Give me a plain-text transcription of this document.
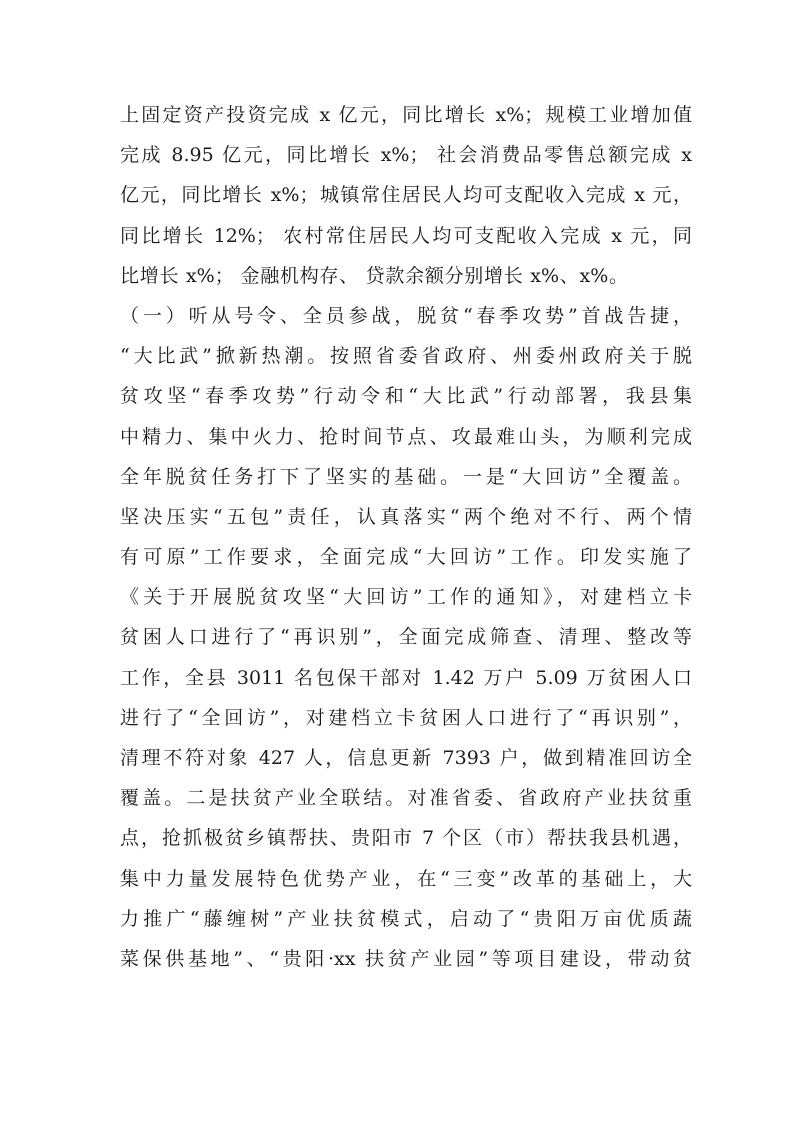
上固定资产投资完成 x 亿元，同比增长 x%；规模工业增加值
完成 8.95 亿元，同比增长 x%； 社会消费品零售总额完成 x
亿元，同比增长 x%；城镇常住居民人均可支配收入完成 x 元，
同比增长 12%； 农村常住居民人均可支配收入完成 x 元，同
比增长 x%； 金融机构存、 贷款余额分别增长 x%、x%。
（一）听从号令、全员参战，脱贫“春季攻势”首战告捷，
“大比武”掀新热潮。按照省委省政府、州委州政府关于脱
贫攻坚“春季攻势”行动令和“大比武”行动部署，我县集
中精力、集中火力、抢时间节点、攻最难山头，为顺利完成
全年脱贫任务打下了坚实的基础。一是“大回访”全覆盖。
坚决压实“五包”责任，认真落实“两个绝对不行、两个情
有可原”工作要求，全面完成“大回访”工作。印发实施了
《关于开展脱贫攻坚“大回访”工作的通知》，对建档立卡
贫困人口进行了“再识别”，全面完成筛查、清理、整改等
工作，全县 3011 名包保干部对 1.42 万户 5.09 万贫困人口
进行了“全回访”，对建档立卡贫困人口进行了“再识别”，
清理不符对象 427 人，信息更新 7393 户，做到精准回访全
覆盖。二是扶贫产业全联结。对准省委、省政府产业扶贫重
点，抢抓极贫乡镇帮扶、贵阳市 7 个区（市）帮扶我县机遇，
集中力量发展特色优势产业，在“三变”改革的基础上，大
力推广“藤缠树”产业扶贫模式，启动了“贵阳万亩优质蔬
菜保供基地”、“贵阳·xx 扶贫产业园”等项目建设，带动贫
